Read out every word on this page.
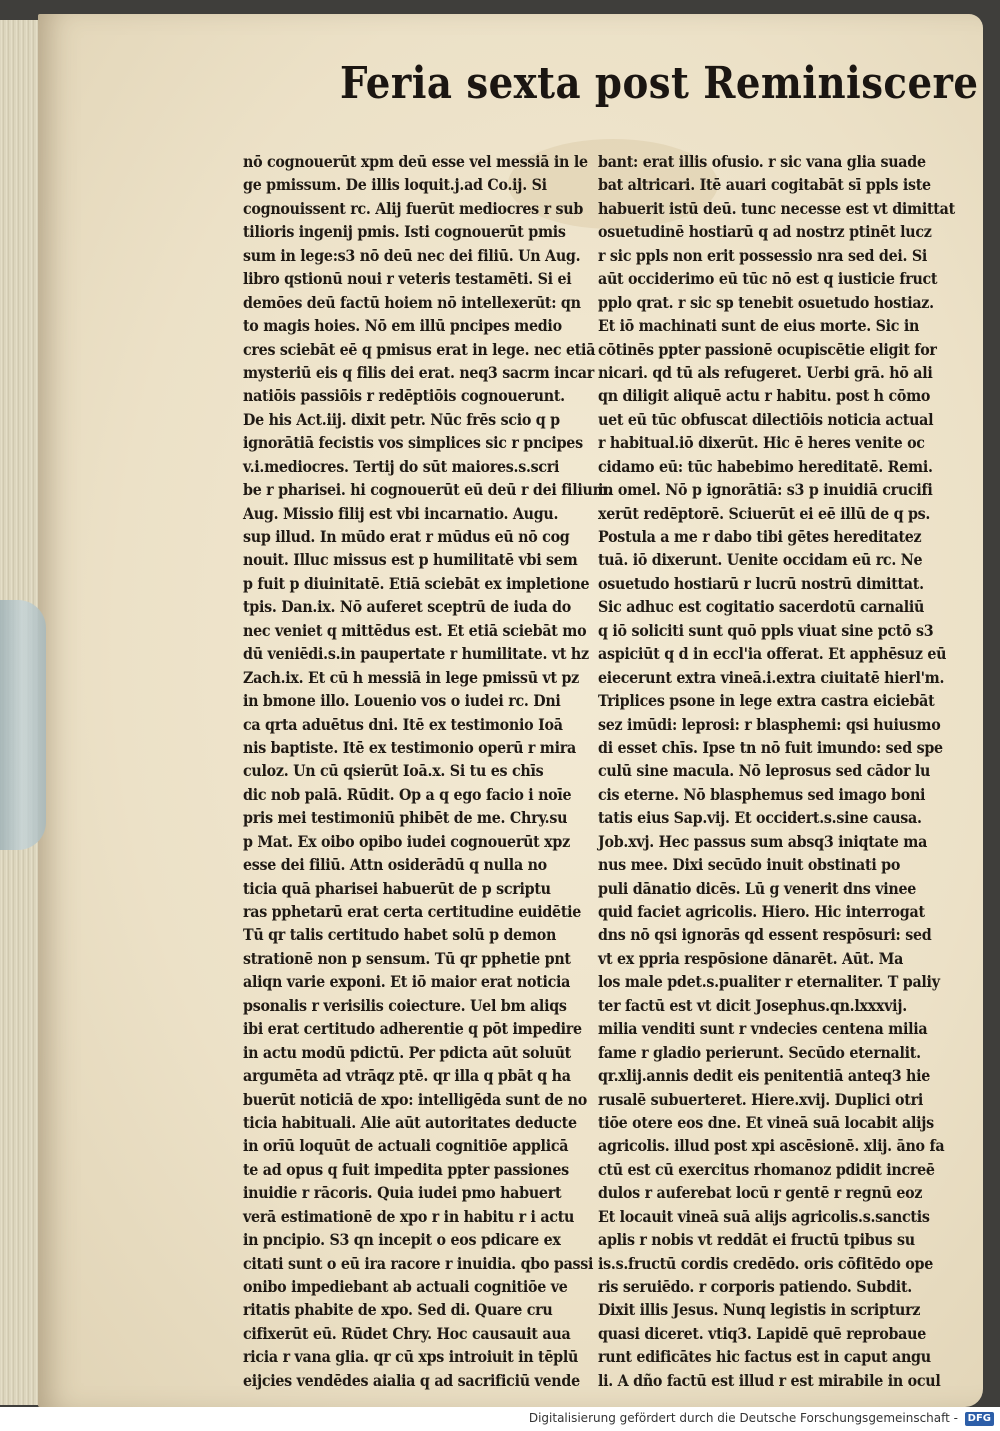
Feria sexta post Reminiscere
nō cognouerūt xpm deū esse vel messiā in le
ge pmissum. De illis loquit.j.ad Co.ij. Si
cognouissent rc. Alij fuerūt mediocres r sub
tilioris ingenij pmis. Isti cognouerūt pmis
sum in lege:s3 nō deū nec dei filiū. Un Aug.
libro qstionū noui r veteris testamēti. Si ei
demōes deū factū hoiem nō intellexerūt: qn
to magis hoies. Nō em illū pncipes medio
cres sciebāt eē q pmisus erat in lege. nec etiā
mysteriū eis q filis dei erat. neq3 sacrm incar
natiōis passiōis r redēptiōis cognouerunt.
De his Act.iij. dixit petr. Nūc frēs scio q p
ignorātiā fecistis vos simplices sic r pncipes
v.i.mediocres. Tertij do sūt maiores.s.scri
be r pharisei. hi cognouerūt eū deū r dei filium.
Aug. Missio filij est vbi incarnatio. Augu.
sup illud. In mūdo erat r mūdus eū nō cog
nouit. Illuc missus est p humilitatē vbi sem
p fuit p diuinitatē. Etiā sciebāt ex impletione
tpis. Dan.ix. Nō auferet sceptrū de iuda do
nec veniet q mittēdus est. Et etiā sciebāt mo
dū veniēdi.s.in paupertate r humilitate. vt hz
Zach.ix. Et cū h messiā in lege pmissū vt pz
in bmone illo. Louenio vos o iudei rc. Dni
ca qrta aduētus dni. Itē ex testimonio Ioā
nis baptiste. Itē ex testimonio operū r mira
culoz. Un cū qsierūt Ioā.x. Si tu es chīs
dic nob palā. Rūdit. Op a q ego facio i noīe
pris mei testimoniū phibēt de me. Chry.su
p Mat. Ex oibo opibo iudei cognouerūt xpz
esse dei filiū. Attn osiderādū q nulla no
ticia quā pharisei habuerūt de p scriptu
ras pphetarū erat certa certitudine euidētie
Tū qr talis certitudo habet solū p demon
strationē non p sensum. Tū qr pphetie pnt
aliqn varie exponi. Et iō maior erat noticia
psonalis r verisilis coiecture. Uel bm aliqs
ibi erat certitudo adherentie q pōt impedire
in actu modū pdictū. Per pdicta aūt soluūt
argumēta ad vtrāqz ptē. qr illa q pbāt q ha
buerūt noticiā de xpo: intelligēda sunt de no
ticia habituali. Alie aūt autoritates deducte
in orīū loquūt de actuali cognitiōe applicā
te ad opus q fuit impedita ppter passiones
inuidie r rācoris. Quia iudei pmo habuert
verā estimationē de xpo r in habitu r i actu
in pncipio. S3 qn incepit o eos pdicare ex
citati sunt o eū ira racore r inuidia. qbo passi
onibo impediebant ab actuali cognitiōe ve
ritatis phabite de xpo. Sed di. Quare cru
cifixerūt eū. Rūdet Chry. Hoc causauit aua
ricia r vana glia. qr cū xps introiuit in tēplū
eijcies vendēdes aialia q ad sacrificiū vende
bant: erat illis ofusio. r sic vana glia suade
bat altricari. Itē auari cogitabāt sī ppls iste
habuerit istū deū. tunc necesse est vt dimittat
osuetudinē hostiarū q ad nostrz ptinēt lucz
r sic ppls non erit possessio nra sed dei. Si
aūt occiderimo eū tūc nō est q iusticie fruct
pplo qrat. r sic sp tenebit osuetudo hostiaz.
Et iō machinati sunt de eius morte. Sic in
cōtinēs ppter passionē ocupiscētie eligit for
nicari. qd tū als refugeret. Uerbi grā. hō ali
qn diligit aliquē actu r habitu. post h cōmo
uet eū tūc obfuscat dilectiōis noticia actual
r habitual.iō dixerūt. Hic ē heres venite oc
cidamo eū: tūc habebimo hereditatē. Remi.
in omel. Nō p ignorātiā: s3 p inuidiā crucifi
xerūt redēptorē. Sciuerūt ei eē illū de q ps.
Postula a me r dabo tibi gētes hereditatez
tuā. iō dixerunt. Uenite occidam eū rc. Ne
osuetudo hostiarū r lucrū nostrū dimittat.
Sic adhuc est cogitatio sacerdotū carnaliū
q iō soliciti sunt quō ppls viuat sine pctō s3
aspiciūt q d in eccl'ia offerat. Et apphēsuz eū
eiecerunt extra vineā.i.extra ciuitatē hierl'm.
Triplices psone in lege extra castra eiciebāt
sez imūdi: leprosi: r blasphemi: qsi huiusmo
di esset chīs. Ipse tn nō fuit imundo: sed spe
culū sine macula. Nō leprosus sed cādor lu
cis eterne. Nō blasphemus sed imago boni
tatis eius Sap.vij. Et occidert.s.sine causa.
Job.xvj. Hec passus sum absq3 iniqtate ma
nus mee. Dixi secūdo inuit obstinati po
puli dānatio dicēs. Lū g venerit dns vinee
quid faciet agricolis. Hiero. Hic interrogat
dns nō qsi ignorās qd essent respōsuri: sed
vt ex ppria respōsione dānarēt. Aūt. Ma
los male pdet.s.pualiter r eternaliter. T paliy
ter factū est vt dicit Josephus.qn.lxxxvij.
milia venditi sunt r vndecies centena milia
fame r gladio perierunt. Secūdo eternalit.
qr.xlij.annis dedit eis penitentiā anteq3 hie
rusalē subuerteret. Hiere.xvij. Duplici otri
tiōe otere eos dne. Et vineā suā locabit alijs
agricolis. illud post xpi ascēsionē. xlij. āno fa
ctū est cū exercitus rhomanoz pdidit increē
dulos r auferebat locū r gentē r regnū eoz
Et locauit vineā suā alijs agricolis.s.sanctis
aplis r nobis vt reddāt ei fructū tpibus su
is.s.fructū cordis credēdo. oris cōfitēdo ope
ris seruiēdo. r corporis patiendo. Subdit.
Dixit illis Jesus. Nunq legistis in scripturz
quasi diceret. vtiq3. Lapidē quē reprobaue
runt edificātes hic factus est in caput angu
li. A dño factū est illud r est mirabile in ocul
Digitalisierung gefördert durch die Deutsche Forschungsgemeinschaft - DFG
